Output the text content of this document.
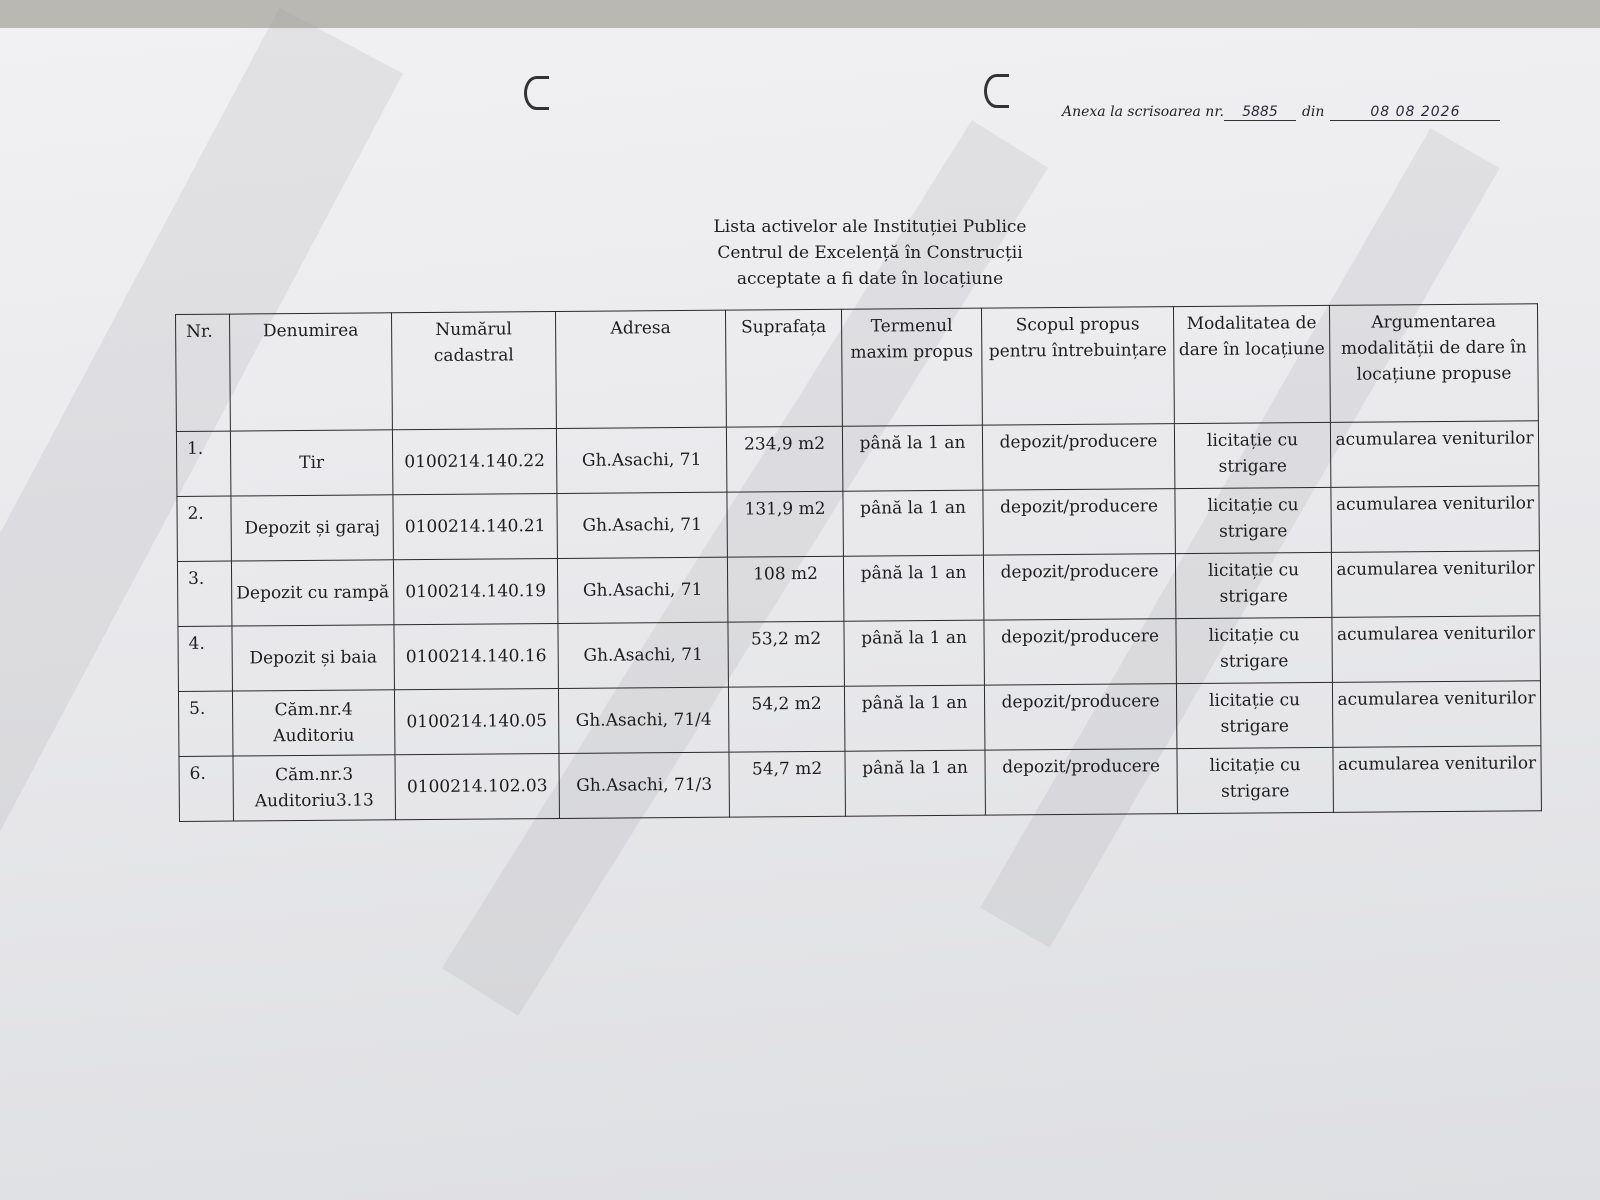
Anexa la scrisoarea nr. 5885 din	08 08 2026
Lista activelor ale Instituției Publice
Centrul de Excelență în Construcții
acceptate a fi date în locațiune
Nr.	Denumirea	Numărul cadastral	Adresa	Suprafața	Termenul maxim propus	Scopul propus pentru întrebuințare	Modalitatea de dare în locațiune	Argumentarea modalității de dare în locațiune propuse
1.	Tir	0100214.140.22	Gh.Asachi, 71	234,9 m2	până la 1 an	depozit/producere	licitație cu strigare	acumularea veniturilor
2.	Depozit și garaj	0100214.140.21	Gh.Asachi, 71	131,9 m2	până la 1 an	depozit/producere	licitație cu strigare	acumularea veniturilor
3.	Depozit cu rampă	0100214.140.19	Gh.Asachi, 71	108 m2	până la 1 an	depozit/producere	licitație cu strigare	acumularea veniturilor
4.	Depozit și baia	0100214.140.16	Gh.Asachi, 71	53,2 m2	până la 1 an	depozit/producere	licitație cu strigare	acumularea veniturilor
5.	Căm.nr.4 Auditoriu	0100214.140.05	Gh.Asachi, 71/4	54,2 m2	până la 1 an	depozit/producere	licitație cu strigare	acumularea veniturilor
6.	Căm.nr.3 Auditoriu3.13	0100214.102.03	Gh.Asachi, 71/3	54,7 m2	până la 1 an	depozit/producere	licitație cu strigare	acumularea veniturilor
